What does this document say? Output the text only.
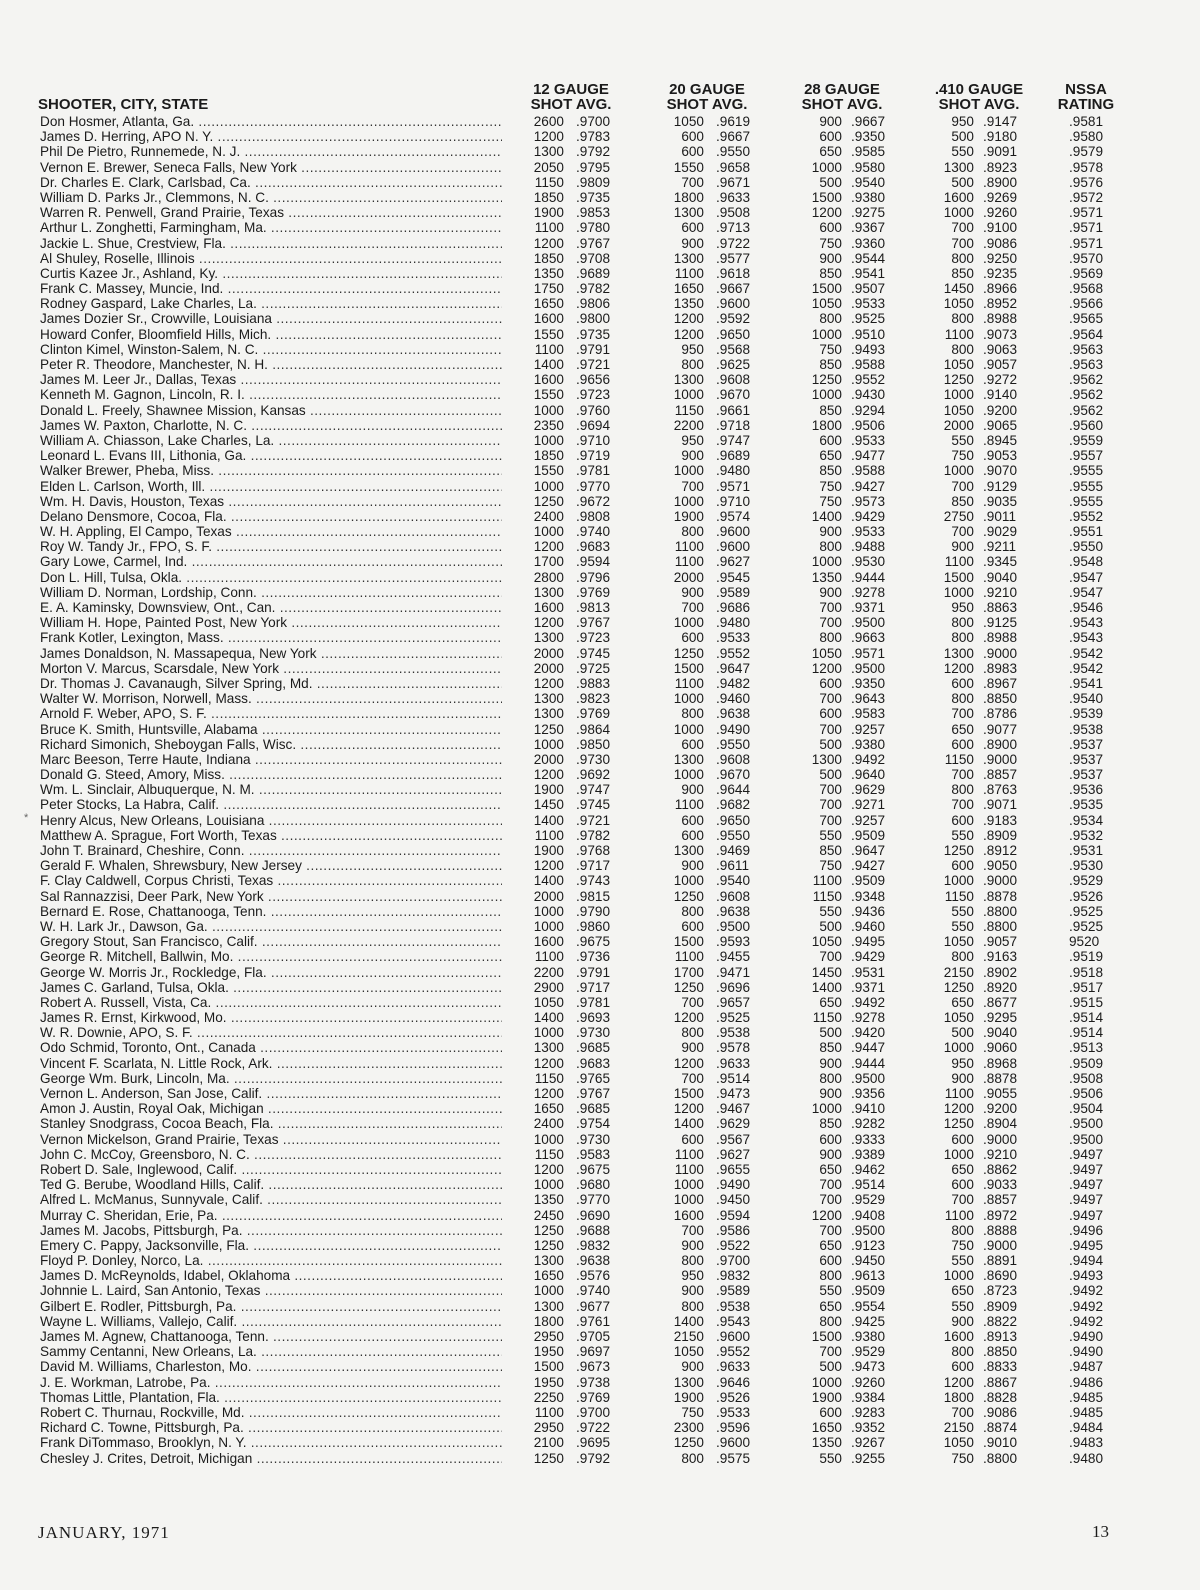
SHOOTER, CITY, STATE
12 GAUGE
SHOT AVG.
20 GAUGE
SHOT AVG.
28 GAUGE
SHOT AVG.
.410 GAUGE
SHOT AVG.
NSSA
RATING
Don Hosmer, Atlanta, Ga. .....	2600 .9700	1050 .9619	900 .9667	950 .9147	.9581
James D. Herring, APO N. Y. .....	1200 .9783	600 .9667	600 .9350	500 .9180	.9580
Phil De Pietro, Runnemede, N. J. .....	1300 .9792	600 .9550	650 .9585	550 .9091	.9579
Vernon E. Brewer, Seneca Falls, New York .....	2050 .9795	1550 .9658	1000 .9580	1300 .8923	.9578
Dr. Charles E. Clark, Carlsbad, Ca. .....	1150 .9809	700 .9671	500 .9540	500 .8900	.9576
William D. Parks Jr., Clemmons, N. C. .....	1850 .9735	1800 .9633	1500 .9380	1600 .9269	.9572
Warren R. Penwell, Grand Prairie, Texas .....	1900 .9853	1300 .9508	1200 .9275	1000 .9260	.9571
Arthur L. Zonghetti, Farmingham, Ma. .....	1100 .9780	600 .9713	600 .9367	700 .9100	.9571
Jackie L. Shue, Crestview, Fla. .....	1200 .9767	900 .9722	750 .9360	700 .9086	.9571
Al Shuley, Roselle, Illinois .....	1850 .9708	1300 .9577	900 .9544	800 .9250	.9570
Curtis Kazee Jr., Ashland, Ky. .....	1350 .9689	1100 .9618	850 .9541	850 .9235	.9569
Frank C. Massey, Muncie, Ind. .....	1750 .9782	1650 .9667	1500 .9507	1450 .8966	.9568
Rodney Gaspard, Lake Charles, La. .....	1650 .9806	1350 .9600	1050 .9533	1050 .8952	.9566
James Dozier Sr., Crowville, Louisiana .....	1600 .9800	1200 .9592	800 .9525	800 .8988	.9565
Howard Confer, Bloomfield Hills, Mich. .....	1550 .9735	1200 .9650	1000 .9510	1100 .9073	.9564
Clinton Kimel, Winston-Salem, N. C. .....	1100 .9791	950 .9568	750 .9493	800 .9063	.9563
Peter R. Theodore, Manchester, N. H. .....	1400 .9721	800 .9625	850 .9588	1050 .9057	.9563
James M. Leer Jr., Dallas, Texas .....	1600 .9656	1300 .9608	1250 .9552	1250 .9272	.9562
Kenneth M. Gagnon, Lincoln, R. I. .....	1550 .9723	1000 .9670	1000 .9430	1000 .9140	.9562
Donald L. Freely, Shawnee Mission, Kansas .....	1000 .9760	1150 .9661	850 .9294	1050 .9200	.9562
James W. Paxton, Charlotte, N. C. .....	2350 .9694	2200 .9718	1800 .9506	2000 .9065	.9560
William A. Chiasson, Lake Charles, La. .....	1000 .9710	950 .9747	600 .9533	550 .8945	.9559
Leonard L. Evans III, Lithonia, Ga. .....	1850 .9719	900 .9689	650 .9477	750 .9053	.9557
Walker Brewer, Pheba, Miss. .....	1550 .9781	1000 .9480	850 .9588	1000 .9070	.9555
Elden L. Carlson, Worth, Ill. .....	1000 .9770	700 .9571	750 .9427	700 .9129	.9555
Wm. H. Davis, Houston, Texas .....	1250 .9672	1000 .9710	750 .9573	850 .9035	.9555
Delano Densmore, Cocoa, Fla. .....	2400 .9808	1900 .9574	1400 .9429	2750 .9011	.9552
W. H. Appling, El Campo, Texas .....	1000 .9740	800 .9600	900 .9533	700 .9029	.9551
Roy W. Tandy Jr., FPO, S. F. .....	1200 .9683	1100 .9600	800 .9488	900 .9211	.9550
Gary Lowe, Carmel, Ind. .....	1700 .9594	1100 .9627	1000 .9530	1100 .9345	.9548
Don L. Hill, Tulsa, Okla. .....	2800 .9796	2000 .9545	1350 .9444	1500 .9040	.9547
William D. Norman, Lordship, Conn. .....	1300 .9769	900 .9589	900 .9278	1000 .9210	.9547
E. A. Kaminsky, Downsview, Ont., Can. .....	1600 .9813	700 .9686	700 .9371	950 .8863	.9546
William H. Hope, Painted Post, New York .....	1200 .9767	1000 .9480	700 .9500	800 .9125	.9543
Frank Kotler, Lexington, Mass. .....	1300 .9723	600 .9533	800 .9663	800 .8988	.9543
James Donaldson, N. Massapequa, New York .....	2000 .9745	1250 .9552	1050 .9571	1300 .9000	.9542
Morton V. Marcus, Scarsdale, New York .....	2000 .9725	1500 .9647	1200 .9500	1200 .8983	.9542
Dr. Thomas J. Cavanaugh, Silver Spring, Md. .....	1200 .9883	1100 .9482	600 .9350	600 .8967	.9541
Walter W. Morrison, Norwell, Mass. .....	1300 .9823	1000 .9460	700 .9643	800 .8850	.9540
Arnold F. Weber, APO, S. F. .....	1300 .9769	800 .9638	600 .9583	700 .8786	.9539
Bruce K. Smith, Huntsville, Alabama .....	1250 .9864	1000 .9490	700 .9257	650 .9077	.9538
Richard Simonich, Sheboygan Falls, Wisc. .....	1000 .9850	600 .9550	500 .9380	600 .8900	.9537
Marc Beeson, Terre Haute, Indiana .....	2000 .9730	1300 .9608	1300 .9492	1150 .9000	.9537
Donald G. Steed, Amory, Miss. .....	1200 .9692	1000 .9670	500 .9640	700 .8857	.9537
Wm. L. Sinclair, Albuquerque, N. M. .....	1900 .9747	900 .9644	700 .9629	800 .8763	.9536
Peter Stocks, La Habra, Calif. .....	1450 .9745	1100 .9682	700 .9271	700 .9071	.9535
Henry Alcus, New Orleans, Louisiana .....	1400 .9721	600 .9650	700 .9257	600 .9183	.9534
Matthew A. Sprague, Fort Worth, Texas .....	1100 .9782	600 .9550	550 .9509	550 .8909	.9532
John T. Brainard, Cheshire, Conn. .....	1900 .9768	1300 .9469	850 .9647	1250 .8912	.9531
Gerald F. Whalen, Shrewsbury, New Jersey .....	1200 .9717	900 .9611	750 .9427	600 .9050	.9530
F. Clay Caldwell, Corpus Christi, Texas .....	1400 .9743	1000 .9540	1100 .9509	1000 .9000	.9529
Sal Rannazzisi, Deer Park, New York .....	2000 .9815	1250 .9608	1150 .9348	1150 .8878	.9526
Bernard E. Rose, Chattanooga, Tenn. .....	1000 .9790	800 .9638	550 .9436	550 .8800	.9525
W. H. Lark Jr., Dawson, Ga. .....	1000 .9860	600 .9500	500 .9460	550 .8800	.9525
Gregory Stout, San Francisco, Calif. .....	1600 .9675	1500 .9593	1050 .9495	1050 .9057	9520
George R. Mitchell, Ballwin, Mo. .....	1100 .9736	1100 .9455	700 .9429	800 .9163	.9519
George W. Morris Jr., Rockledge, Fla. .....	2200 .9791	1700 .9471	1450 .9531	2150 .8902	.9518
James C. Garland, Tulsa, Okla. .....	2900 .9717	1250 .9696	1400 .9371	1250 .8920	.9517
Robert A. Russell, Vista, Ca. .....	1050 .9781	700 .9657	650 .9492	650 .8677	.9515
James R. Ernst, Kirkwood, Mo. .....	1400 .9693	1200 .9525	1150 .9278	1050 .9295	.9514
W. R. Downie, APO, S. F. .....	1000 .9730	800 .9538	500 .9420	500 .9040	.9514
Odo Schmid, Toronto, Ont., Canada .....	1300 .9685	900 .9578	850 .9447	1000 .9060	.9513
Vincent F. Scarlata, N. Little Rock, Ark. .....	1200 .9683	1200 .9633	900 .9444	950 .8968	.9509
George Wm. Burk, Lincoln, Ma. .....	1150 .9765	700 .9514	800 .9500	900 .8878	.9508
Vernon L. Anderson, San Jose, Calif. .....	1200 .9767	1500 .9473	900 .9356	1100 .9055	.9506
Amon J. Austin, Royal Oak, Michigan .....	1650 .9685	1200 .9467	1000 .9410	1200 .9200	.9504
Stanley Snodgrass, Cocoa Beach, Fla. .....	2400 .9754	1400 .9629	850 .9282	1250 .8904	.9500
Vernon Mickelson, Grand Prairie, Texas .....	1000 .9730	600 .9567	600 .9333	600 .9000	.9500
John C. McCoy, Greensboro, N. C. .....	1150 .9583	1100 .9627	900 .9389	1000 .9210	.9497
Robert D. Sale, Inglewood, Calif. .....	1200 .9675	1100 .9655	650 .9462	650 .8862	.9497
Ted G. Berube, Woodland Hills, Calif. .....	1000 .9680	1000 .9490	700 .9514	600 .9033	.9497
Alfred L. McManus, Sunnyvale, Calif. .....	1350 .9770	1000 .9450	700 .9529	700 .8857	.9497
Murray C. Sheridan, Erie, Pa. .....	2450 .9690	1600 .9594	1200 .9408	1100 .8972	.9497
James M. Jacobs, Pittsburgh, Pa. .....	1250 .9688	700 .9586	700 .9500	800 .8888	.9496
Emery C. Pappy, Jacksonville, Fla. .....	1250 .9832	900 .9522	650 .9123	750 .9000	.9495
Floyd P. Donley, Norco, La. .....	1300 .9638	800 .9700	600 .9450	550 .8891	.9494
James D. McReynolds, Idabel, Oklahoma .....	1650 .9576	950 .9832	800 .9613	1000 .8690	.9493
Johnnie L. Laird, San Antonio, Texas .....	1000 .9740	900 .9589	550 .9509	650 .8723	.9492
Gilbert E. Rodler, Pittsburgh, Pa. .....	1300 .9677	800 .9538	650 .9554	550 .8909	.9492
Wayne L. Williams, Vallejo, Calif. .....	1800 .9761	1400 .9543	800 .9425	900 .8822	.9492
James M. Agnew, Chattanooga, Tenn. .....	2950 .9705	2150 .9600	1500 .9380	1600 .8913	.9490
Sammy Centanni, New Orleans, La. .....	1950 .9697	1050 .9552	700 .9529	800 .8850	.9490
David M. Williams, Charleston, Mo. .....	1500 .9673	900 .9633	500 .9473	600 .8833	.9487
J. E. Workman, Latrobe, Pa. .....	1950 .9738	1300 .9646	1000 .9260	1200 .8867	.9486
Thomas Little, Plantation, Fla. .....	2250 .9769	1900 .9526	1900 .9384	1800 .8828	.9485
Robert C. Thurnau, Rockville, Md. .....	1100 .9700	750 .9533	600 .9283	700 .9086	.9485
Richard C. Towne, Pittsburgh, Pa. .....	2950 .9722	2300 .9596	1650 .9352	2150 .8874	.9484
Frank DiTommaso, Brooklyn, N. Y. .....	2100 .9695	1250 .9600	1350 .9267	1050 .9010	.9483
Chesley J. Crites, Detroit, Michigan .....	1250 .9792	800 .9575	550 .9255	750 .8800	.9480
*
JANUARY, 1971	13
